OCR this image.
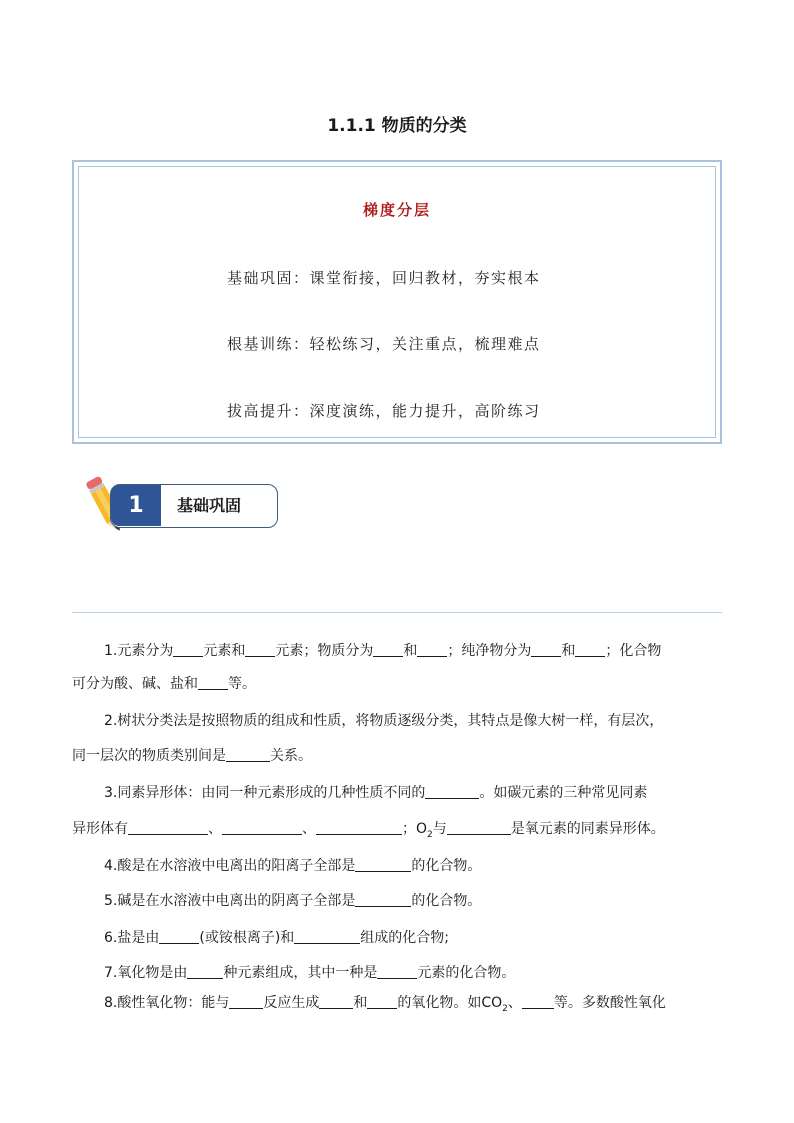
1.1.1 物质的分类
梯度分层
基础巩固：课堂衔接，回归教材，夯实根本
根基训练：轻松练习，关注重点，梳理难点
拔高提升：深度演练，能力提升，高阶练习
1	基础巩固
1.元素分为 元素和 元素；物质分为 和 ；纯净物分为 和 ；化合物
可分为酸、碱、盐和 等。
2.树状分类法是按照物质的组成和性质，将物质逐级分类，其特点是像大树一样，有层次，
同一层次的物质类别间是	关系。
3.同素异形体：由同一种元素形成的几种性质不同的	。如碳元素的三种常见同素
异形体有	、	、	；$O_2$与	是氧元素的同素异形体。
4.酸是在水溶液中电离出的阳离子全部是	的化合物。
5.碱是在水溶液中电离出的阴离子全部是	的化合物。
6.盐是由	(或铵根离子)和	组成的化合物;
7.氧化物是由	种元素组成，其中一种是	元素的化合物。
8.酸性氧化物：能与 反应生成 和 的氧化物。如$CO_2$、 等。多数酸性氧化
